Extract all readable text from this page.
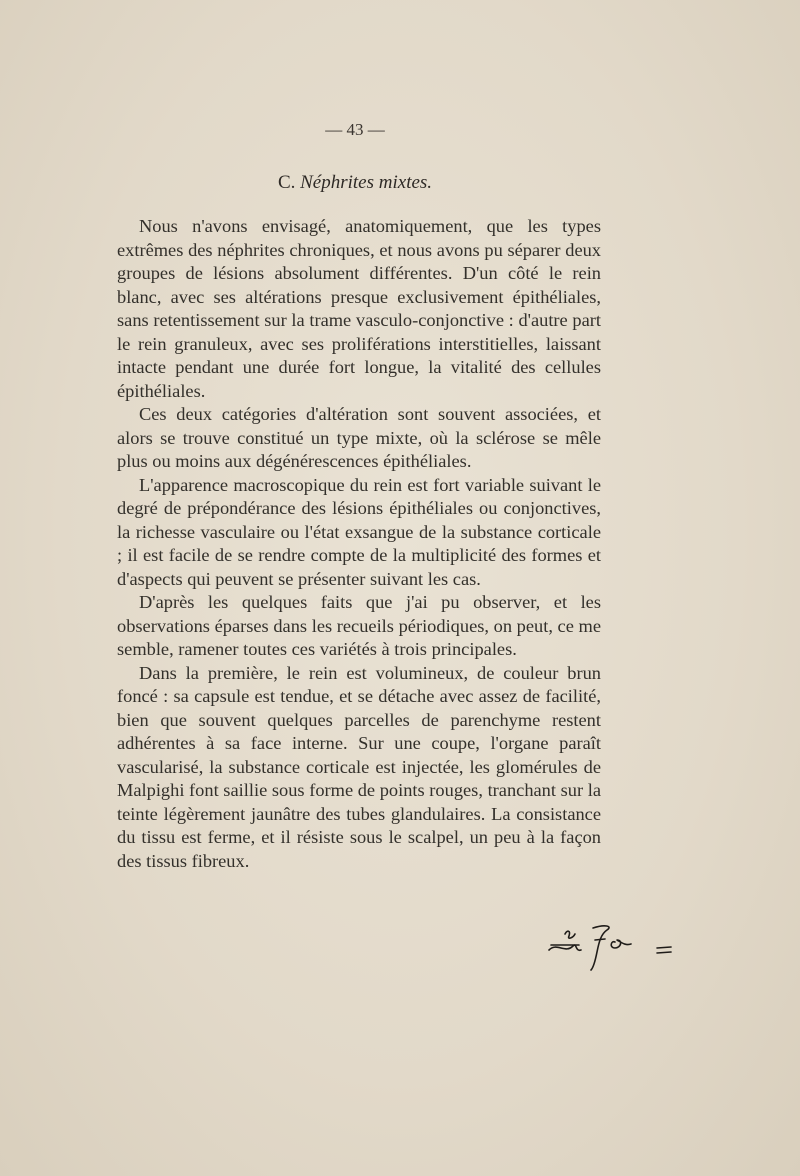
— 43 —
C. Néphrites mixtes.

Nous n'avons envisagé, anatomiquement, que les types extrêmes des néphrites chroniques, et nous avons pu séparer deux groupes de lésions absolument différentes. D'un côté le rein blanc, avec ses altérations presque exclusivement épithéliales, sans retentissement sur la trame vasculo-conjonctive : d'autre part le rein granuleux, avec ses proliférations interstitielles, laissant intacte pendant une durée fort longue, la vitalité des cellules épithéliales.

Ces deux catégories d'altération sont souvent associées, et alors se trouve constitué un type mixte, où la sclérose se mêle plus ou moins aux dégénérescences épithéliales.

L'apparence macroscopique du rein est fort variable suivant le degré de prépondérance des lésions épithéliales ou conjonctives, la richesse vasculaire ou l'état exsangue de la substance corticale ; il est facile de se rendre compte de la multiplicité des formes et d'aspects qui peuvent se présenter suivant les cas.

D'après les quelques faits que j'ai pu observer, et les observations éparses dans les recueils périodiques, on peut, ce me semble, ramener toutes ces variétés à trois principales.

Dans la première, le rein est volumineux, de couleur brun foncé : sa capsule est tendue, et se détache avec assez de facilité, bien que souvent quelques parcelles de parenchyme restent adhérentes à sa face interne. Sur une coupe, l'organe paraît vascularisé, la substance corticale est injectée, les glomérules de Malpighi font saillie sous forme de points rouges, tranchant sur la teinte légèrement jaunâtre des tubes glandulaires. La consistance du tissu est ferme, et il résiste sous le scalpel, un peu à la façon des tissus fibreux.
